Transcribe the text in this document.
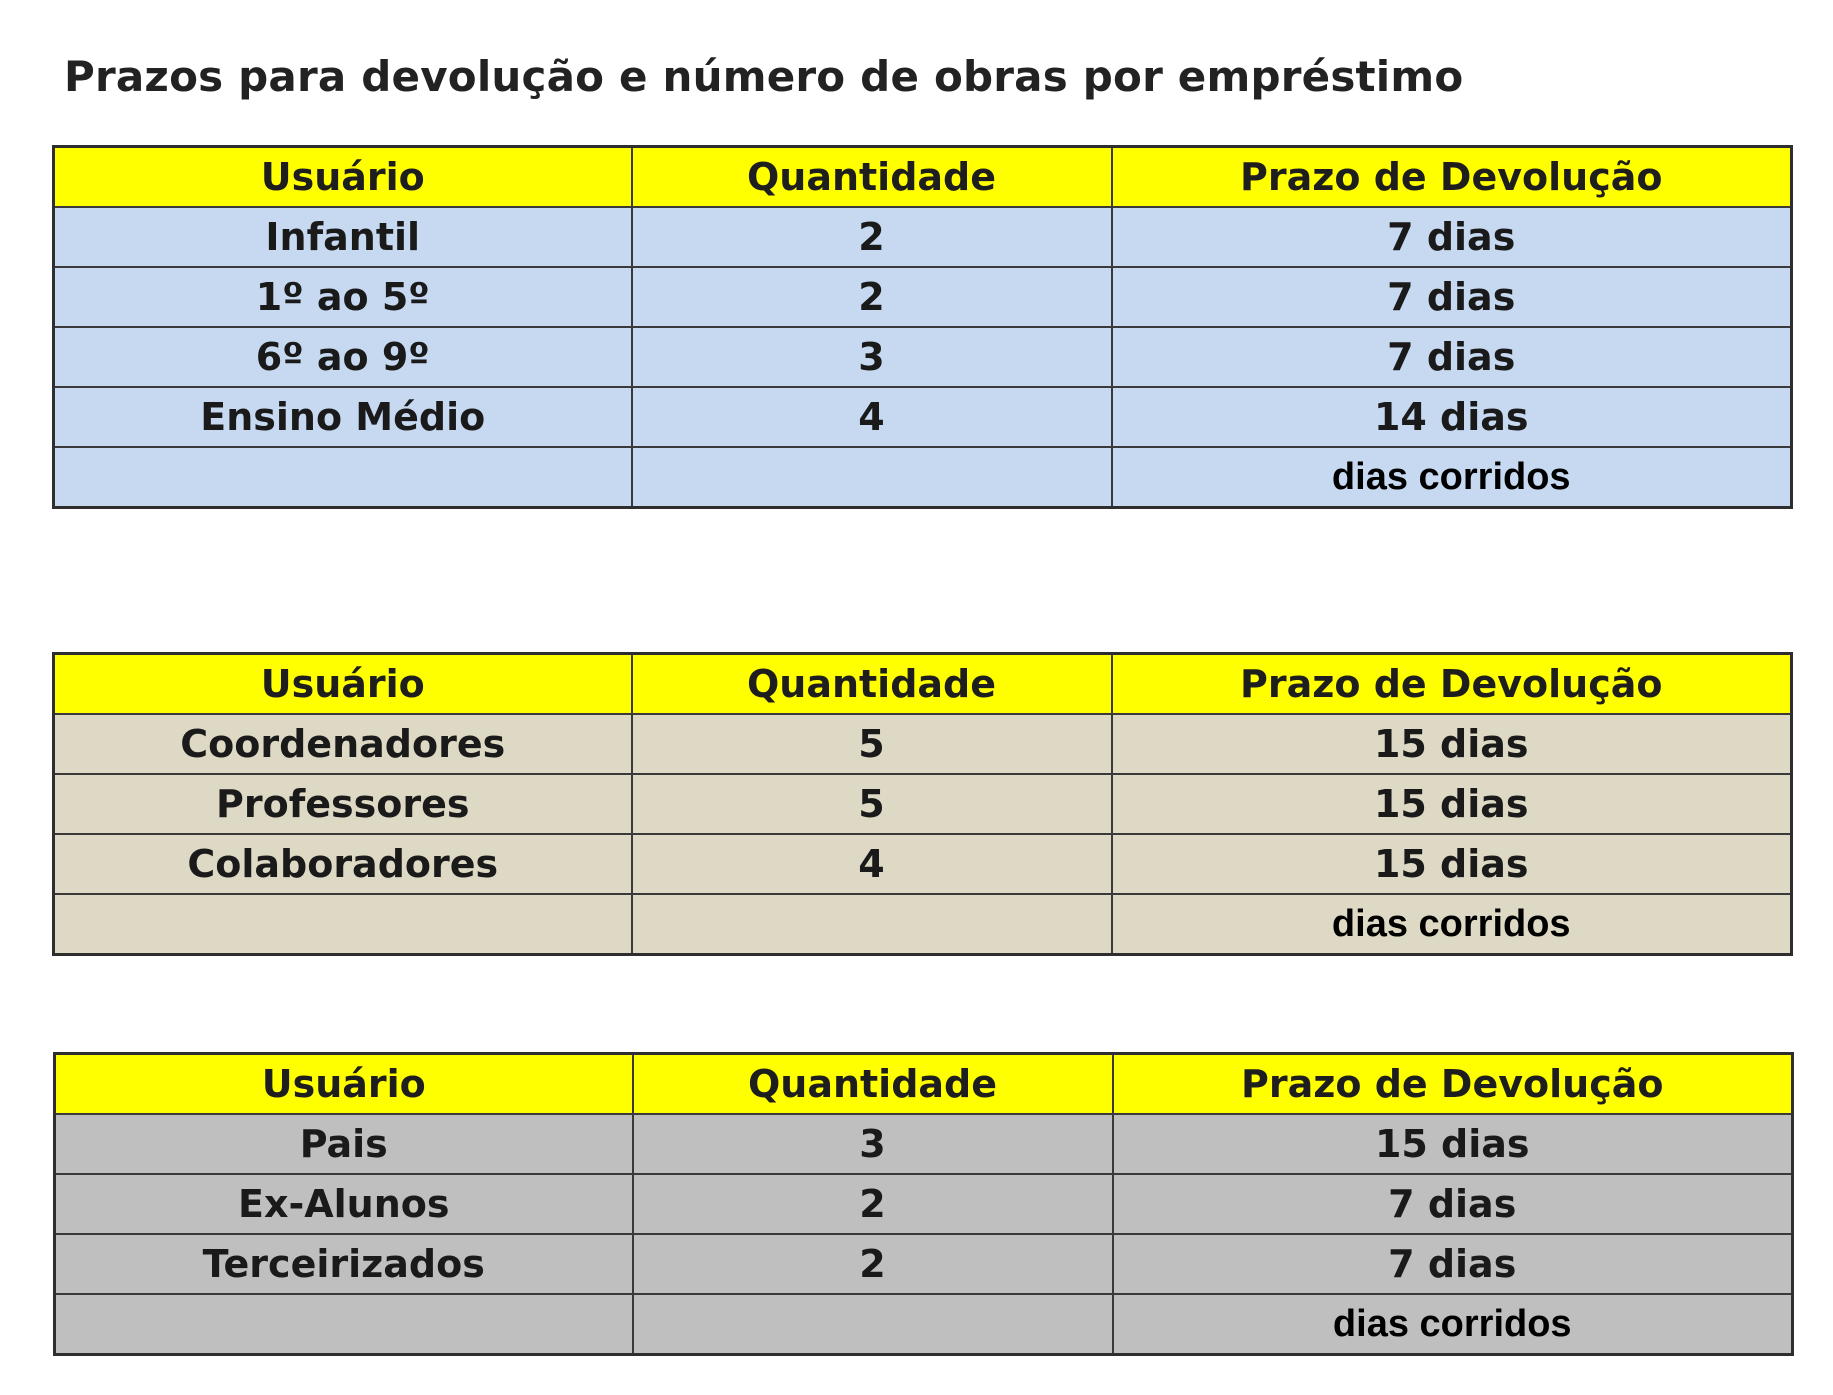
Prazos para devolução e número de obras por empréstimo
Usuário	Quantidade	Prazo de Devolução
Infantil	2	7 dias
1º ao 5º	2	7 dias
6º ao 9º	3	7 dias
Ensino Médio	4	14 dias
		dias corridos
Usuário	Quantidade	Prazo de Devolução
Coordenadores	5	15 dias
Professores	5	15 dias
Colaboradores	4	15 dias
		dias corridos
Usuário	Quantidade	Prazo de Devolução
Pais	3	15 dias
Ex-Alunos	2	7 dias
Terceirizados	2	7 dias
		dias corridos
